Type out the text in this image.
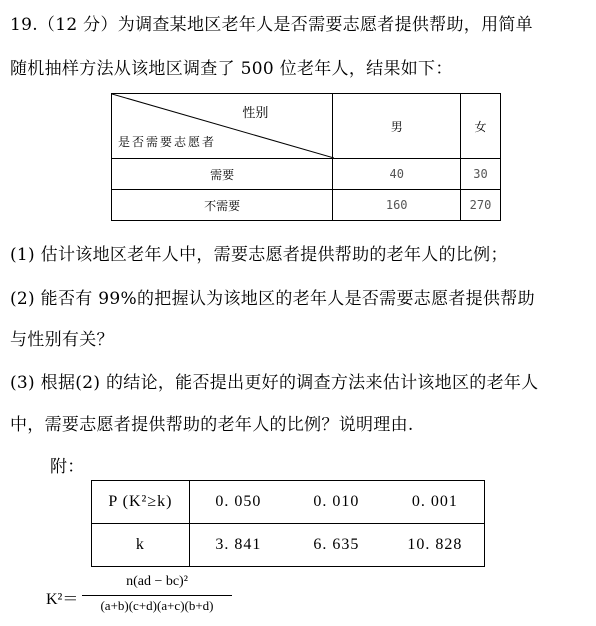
19.（12 分）为调查某地区老年人是否需要志愿者提供帮助，用简单
随机抽样方法从该地区调查了 500 位老年人，结果如下：
性别
是否需要志愿者	男	女
需要	40	30
不需要	160	270
(1) 估计该地区老年人中，需要志愿者提供帮助的老年人的比例；
(2) 能否有 99%的把握认为该地区的老年人是否需要志愿者提供帮助
与性别有关？
(3) 根据(2) 的结论，能否提出更好的调查方法来估计该地区的老年人
中，需要志愿者提供帮助的老年人的比例？说明理由.
附：
P (K²≥k)	0. 050	0. 010	0. 001
k	3. 841	6. 635	10. 828
K²＝
n(ad − bc)²
(a+b)(c+d)(a+c)(b+d)
